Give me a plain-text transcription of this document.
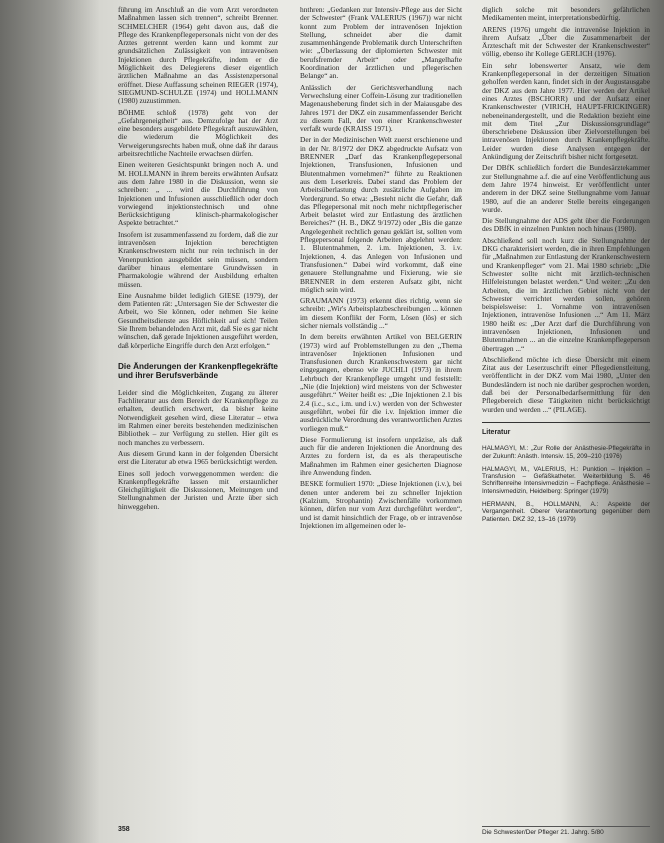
führung im Anschluß an die vom Arzt verordneten Maßnahmen lassen sich trennen“, schreibt Brenner. SCHMELCHER (1964) geht davon aus, daß die Pflege des Krankenpflegepersonals nicht von der des Arztes getrennt werden kann und kommt zur grundsätzlichen Zulässigkeit von intravenösen Injektionen durch Pflegekräfte, indem er die Möglichkeit des Delegierens dieser eigentlich ärztlichen Maßnahme an das Assistenzpersonal eröffnet. Diese Auffassung scheinen RIEGER (1974), SIEGMUND-SCHULZE (1974) und HOLLMANN (1980) zuzustimmen.

BÖHME schloß (1978) geht von der „Gefahrgeneigtheit“ aus. Demzufolge hat der Arzt eine besonders ausgebildete Pflegekraft auszuwählen, die wiederum die Möglichkeit des Verweigerungsrechts haben muß, ohne daß ihr daraus arbeitsrechtliche Nachteile erwachsen dürfen.

Einen weiteren Gesichtspunkt bringen noch A. und M. HOLLMANN in ihrem bereits erwähnten Aufsatz aus dem Jahre 1980 in die Diskussion, wenn sie schreiben: „ ... wird die Durchführung von Injektionen und Infusionen ausschließlich oder doch vorwiegend injektionstechnisch und ohne Berücksichtigung klinisch-pharmakologischer Aspekte betrachtet.“

Insofern ist zusammenfassend zu fordern, daß die zur intravenösen Injektion berechtigten Krankenschwestern nicht nur rein technisch in der Venenpunktion ausgebildet sein müssen, sondern darüber hinaus elementare Grundwissen in Pharmakologie während der Ausbildung erhalten müssen.

Eine Ausnahme bildet lediglich GIESE (1979), der dem Patienten rät: „Untersagen Sie der Schwester die Arbeit, wo Sie können, oder nehmen Sie keine Gesundheitsdienste aus Höflichkeit auf sich! Teilen Sie Ihrem behandelnden Arzt mit, daß Sie es gar nicht wünschen, daß gerade Injektionen ausgeführt werden, daß körperliche Eingriffe durch den Arzt erfolgen.“

Die Änderungen der Krankenpflegekräfte und ihrer Berufsverbände

Leider sind die Möglichkeiten, Zugang zu älterer Fachliteratur aus dem Bereich der Krankenpflege zu erhalten, deutlich erschwert, da bisher keine Notwendigkeit gesehen wird, diese Literatur – etwa im Rahmen einer bereits bestehenden medizinischen Bibliothek – zur Verfügung zu stellen. Hier gilt es noch manches zu verbessern.

Aus diesem Grund kann in der folgenden Übersicht erst die Literatur ab etwa 1965 berücksichtigt werden.

Eines soll jedoch vorweggenommen werden: die Krankenpflegekräfte lassen mit erstaunlicher Gleichgültigkeit die Diskussionen, Meinungen und Stellungnahmen der Juristen und Ärzte über sich hinweggehen.

hnthren: „Gedanken zur Intensiv-Pflege aus der Sicht der Schwester“ (Frank VALERIUS (1967)) war nicht konnt zum Problem der intravenösen Injektion Stellung, schneidet aber die damit zusammenhängende Problematik durch Unterschriften wie: „Überlassung der diplomierten Schwester mit berufsfremder Arbeit“ oder „Mangelhafte Koordination der ärztlichen und pflegerischen Belange“ an.

Anlässlich der Gerichtsverhandlung nach Verwechslung einer Coffein-Lösung zur traditionellen Magenausheberung findet sich in der Maiausgabe des Jahres 1971 der DKZ ein zusammenfassender Bericht zu diesem Fall, der von einer Krankenschwester verfaßt wurde (KRAISS 1971).

Der in der Medizinischen Welt zuerst erschienene und in der Nr. 8/1972 der DKZ abgedruckte Aufsatz von BRENNER „Darf das Krankenpflegepersonal Injektionen, Transfusionen, Infusionen und Blutentnahmen vornehmen?“ führte zu Reaktionen aus dem Leserkreis. Dabei stand das Problem der Arbeitsüberlastung durch zusätzliche Aufgaben im Vordergrund. So etwa: „Besteht nicht die Gefahr, daß das Pflegepersonal mit noch mehr nichtpflegerischer Arbeit belastet wird zur Entlastung des ärztlichen Bereiches?“ (H. B., DKZ 9/1972) oder „Bis die ganze Angelegenheit rechtlich genau geklärt ist, sollten vom Pflegepersonal folgende Arbeiten abgelehnt werden: 1. Blutentnahmen, 2. i.m. Injektionen, 3. i.v. Injektionen, 4. das Anlegen von Infusionen und Transfusionen.“ Dabei wird vorkommt, daß eine genauere Stellungnahme und Fixierung, wie sie BRENNER in dem ersteren Aufsatz gibt, nicht möglich sein wird.

GRAUMANN (1973) erkennt dies richtig, wenn sie schreibt: „Wir's Arbeitsplatzbeschreibungen ... können im diesem Konflikt der Form, Lösen (lös) er sich sicher niemals vollständig ...“

In dem bereits erwähnten Artikel von BELGERIN (1973) wird auf Problemstellungen zu den ,,Thema intravenöser Injektionen Infusionen und Transfusionen durch Krankenschwestern gar nicht eingegangen, ebenso wie JUCHLI (1973) in ihrem Lehrbuch der Krankenpflege umgeht und feststellt: „Nie (die Injektion) wird meistens von der Schwester ausgeführt.“ Weiter heißt es: „Die Injektionen 2.1 bis 2.4 (i.c., s.c., i.m. und i.v.) werden von der Schwester ausgeführt, wobei für die i.v. Injektion immer die ausdrückliche Verordnung des verantwortlichen Arztes vorliegen muß.“

Diese Formulierung ist insofern unpräzise, als daß auch für die anderen Injektionen die Anordnung des Arztes zu fordern ist, da es als therapeutische Maßnahmen im Rahmen einer gesicherten Diagnose ihre Anwendung finden.

BESKE formuliert 1970: „Diese Injektionen (i.v.), bei denen unter anderem bei zu schneller Injektion (Kalzium, Strophantin) Zwischenfälle vorkommen können, dürfen nur vom Arzt durchgeführt werden“, und ist damit hinsichtlich der Frage, ob er intravenöse Injektionen im allgemeinen oder le-

diglich solche mit besonders gefährlichen Medikamenten meint, interpretationsbedürftig.

ARENS (1976) umgeht die intravenöse Injektion in ihrem Aufsatz „Über die Zusammenarbeit der Ärzteschaft mit der Schwester der Krankenschwester“ völlig, ebenso ihr Kollege GERLICH (1976).

Ein sehr lobenswerter Ansatz, wie dem Krankenpflegepersonal in der derzeitigen Situation geholfen werden kann, findet sich in der Augustausgabe der DKZ aus dem Jahre 1977. Hier werden der Artikel eines Arztes (BSCHORR) und der Aufsatz einer Krankenschwester (VIRICH, HAUPT-FRICKINGER) nebeneinandergestellt, und die Redaktion bezieht eine mit dem Titel „Zur Diskussionsgrundlage“ überschriebene Diskussion über Zielvorstellungen bei intravenösen Injektionen durch Krankenpflegekräfte. Leider wurden diese Analysen entgegen der Ankündigung der Zeitschrift bisher nicht fortgesetzt.

Der DBfK schließlich fordert die Bundesärztekammer zur Stellungnahme a.f. die auf eine Veröffentlichung aus dem Jahre 1974 hinweist. Er veröffentlicht unter anderem in der DKZ seine Stellungnahme vom Januar 1980, auf die an anderer Stelle bereits eingegangen wurde.

Die Stellungnahme der ADS geht über die Forderungen des DBfK in einzelnen Punkten noch hinaus (1980).

Abschließend soll noch kurz die Stellungnahme der DKG charakterisiert werden, die in ihren Empfehlungen für „Maßnahmen zur Entlastung der Krankenschwestern und Krankenpfleger“ vom 21. Mai 1980 schrieb: „Die Schwester sollte nicht mit ärztlich-technischen Hilfeleistungen belastet werden.“ Und weiter: „Zu den Arbeiten, die im ärztlichen Gebiet nicht von der Schwester verrichtet werden sollen, gehören beispielsweise: 1. Vornahme von intravenösen Injektionen, intravenöse Infusionen ...“ Am 11. März 1980 heißt es: „Der Arzt darf die Durchführung von intravenösen Injektionen, Infusionen und Blutentnahmen ... an die einzelne Krankenpflegeperson übertragen ...“

Abschließend möchte ich diese Übersicht mit einem Zitat aus der Leserzuschrift einer Pflegedienstleitung, veröffentlicht in der DKZ vom Mai 1980, „Unter den Bundesländern ist noch nie darüber gesprochen worden, daß bei der Personalbedarfsermittlung für den Pflegebereich diese Tätigkeiten nicht berücksichtigt wurden und werden ...“ (PILAGE).

Literatur
HALMAGYI, M.: „Zur Rolle der Anästhesie-Pflegekräfte in der Zukunft: Anästh. Intensiv. 15, 209–210 (1976)
HALMAGYI, M., VALERIUS, H.: Punktion – Injektion – Transfusion – Gefäßkatheter. Weiterbildung S. 46 Schriftenreihe Intensivmedizin – Fachpflege. Anästhesie – Intensivmedizin, Heidelberg: Springer (1979)
HERMANN, B., HOLLMANN, A.: Aspekte der Vergangenheit. Oberer Verantwortung gegenüber dem Patienten. DKZ 32, 13–16 (1979)
358	Die Schwester/Der Pfleger 21. Jahrg. 5/80
